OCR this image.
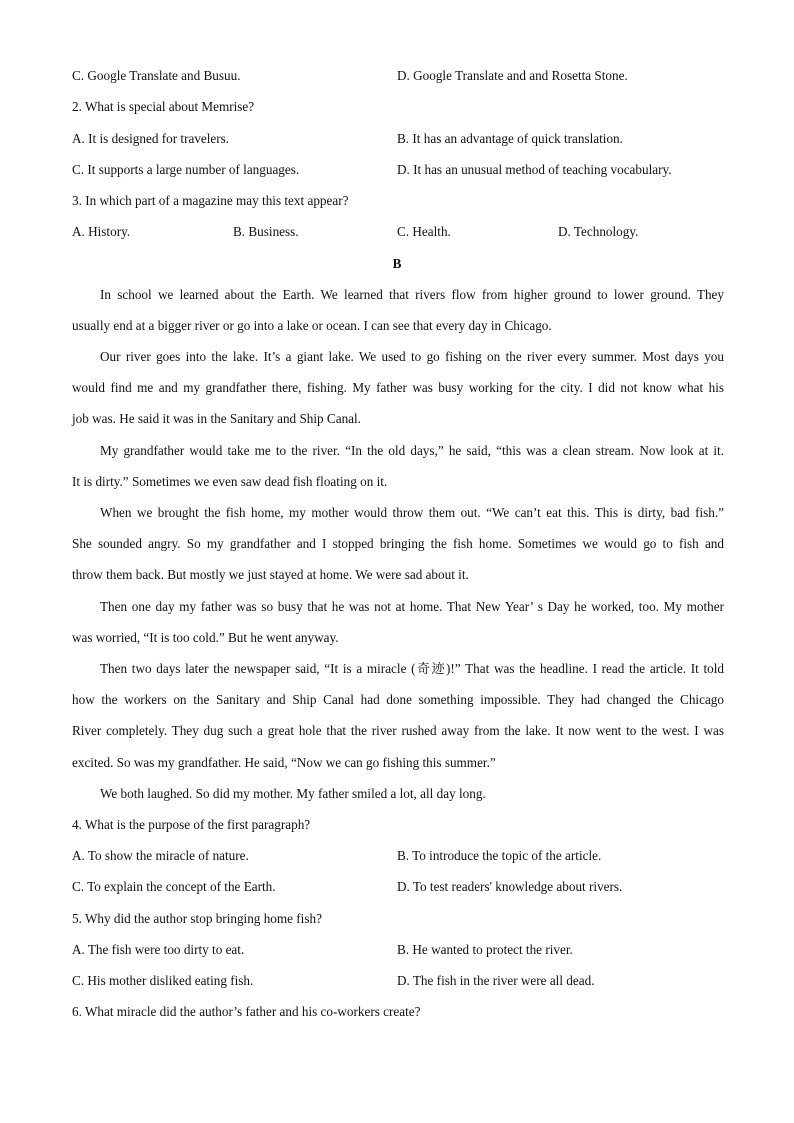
C. Google Translate and Busuu.	D. Google Translate and and Rosetta Stone.
2. What is special about Memrise?
A. It is designed for travelers.	B. It has an advantage of quick translation.
C. It supports a large number of languages.	D. It has an unusual method of teaching vocabulary.
3. In which part of a magazine may this text appear?
A. History.	B. Business.	C. Health.	D. Technology.
B
In school we learned about the Earth. We learned that rivers flow from higher ground to lower ground. They
usually end at a bigger river or go into a lake or ocean. I can see that every day in Chicago.
Our river goes into the lake. It’s a giant lake. We used to go fishing on the river every summer. Most days you
would find me and my grandfather there, fishing. My father was busy working for the city. I did not know what his
job was. He said it was in the Sanitary and Ship Canal.
My grandfather would take me to the river. “In the old days,” he said, “this was a clean stream. Now look at it.
It is dirty.” Sometimes we even saw dead fish floating on it.
When we brought the fish home, my mother would throw them out. “We can’t eat this. This is dirty, bad fish.”
She sounded angry. So my grandfather and I stopped bringing the fish home. Sometimes we would go to fish and
throw them back. But mostly we just stayed at home. We were sad about it.
Then one day my father was so busy that he was not at home. That New Year’ s Day he worked, too. My mother
was worried, “It is too cold.” But he went anyway.
Then two days later the newspaper said, “It is a miracle (奇迹)!” That was the headline. I read the article. It told
how the workers on the Sanitary and Ship Canal had done something impossible. They had changed the Chicago
River completely. They dug such a great hole that the river rushed away from the lake. It now went to the west. I was
excited. So was my grandfather. He said, “Now we can go fishing this summer.”
We both laughed. So did my mother. My father smiled a lot, all day long.
4. What is the purpose of the first paragraph?
A. To show the miracle of nature.	B. To introduce the topic of the article.
C. To explain the concept of the Earth.	D. To test readers' knowledge about rivers.
5. Why did the author stop bringing home fish?
A. The fish were too dirty to eat.	B. He wanted to protect the river.
C. His mother disliked eating fish.	D. The fish in the river were all dead.
6. What miracle did the author’s father and his co-workers create?
